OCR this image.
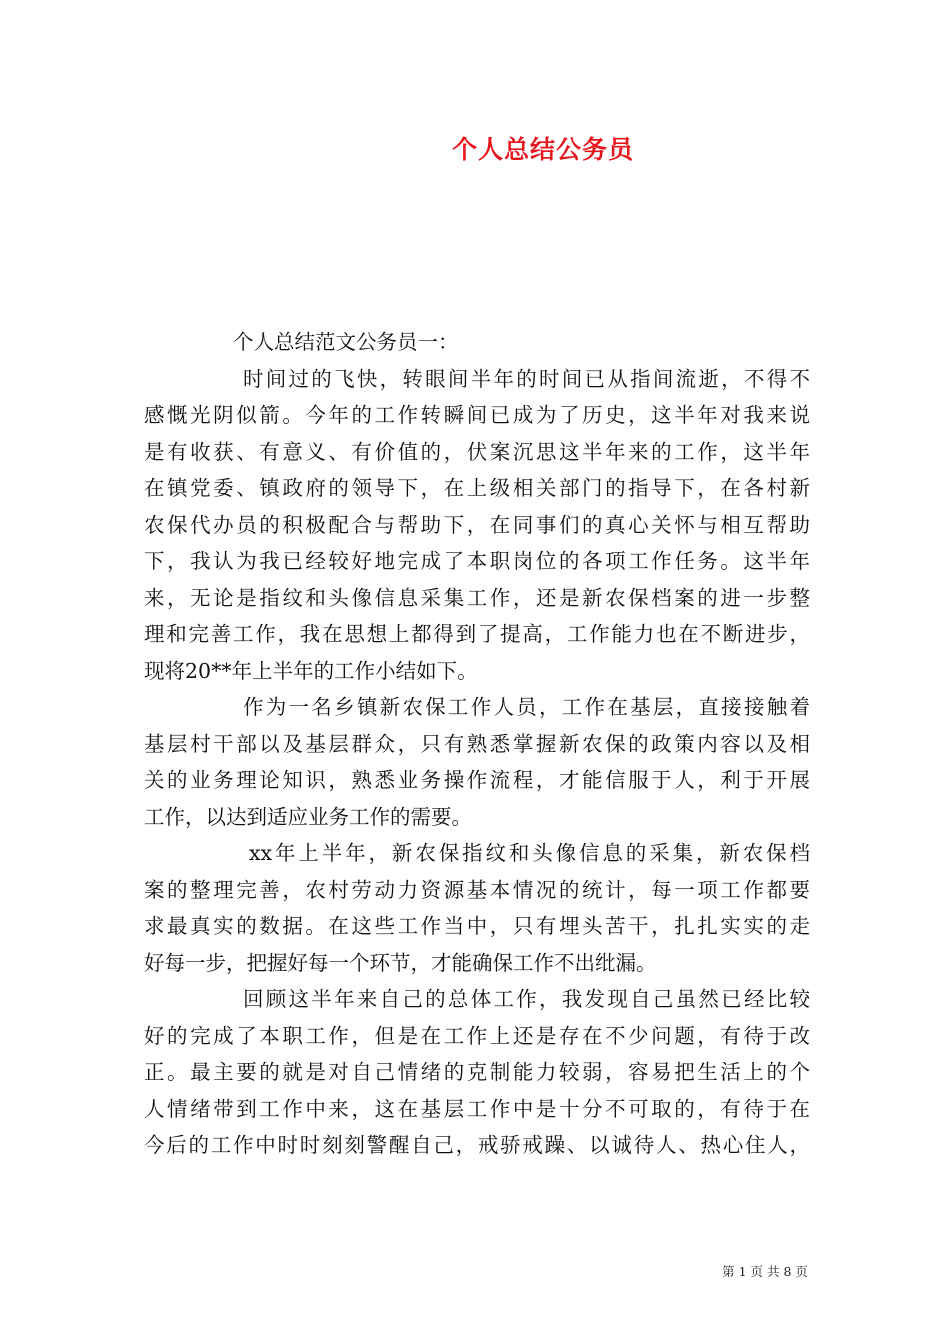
个人总结公务员
个人总结范文公务员一：
时间过的飞快，转眼间半年的时间已从指间流逝，不得不
感慨光阴似箭。今年的工作转瞬间已成为了历史，这半年对我来说
是有收获、有意义、有价值的，伏案沉思这半年来的工作，这半年
在镇党委、镇政府的领导下，在上级相关部门的指导下，在各村新
农保代办员的积极配合与帮助下，在同事们的真心关怀与相互帮助
下，我认为我已经较好地完成了本职岗位的各项工作任务。这半年
来，无论是指纹和头像信息采集工作，还是新农保档案的进一步整
理和完善工作，我在思想上都得到了提高，工作能力也在不断进步，
现将20**年上半年的工作小结如下。
作为一名乡镇新农保工作人员，工作在基层，直接接触着
基层村干部以及基层群众，只有熟悉掌握新农保的政策内容以及相
关的业务理论知识，熟悉业务操作流程，才能信服于人，利于开展
工作，以达到适应业务工作的需要。
xx年上半年，新农保指纹和头像信息的采集，新农保档
案的整理完善，农村劳动力资源基本情况的统计，每一项工作都要
求最真实的数据。在这些工作当中，只有埋头苦干，扎扎实实的走
好每一步，把握好每一个环节，才能确保工作不出纰漏。
回顾这半年来自己的总体工作，我发现自己虽然已经比较
好的完成了本职工作，但是在工作上还是存在不少问题，有待于改
正。最主要的就是对自己情绪的克制能力较弱，容易把生活上的个
人情绪带到工作中来，这在基层工作中是十分不可取的，有待于在
今后的工作中时时刻刻警醒自己，戒骄戒躁、以诚待人、热心住人，
第 1 页 共 8 页
